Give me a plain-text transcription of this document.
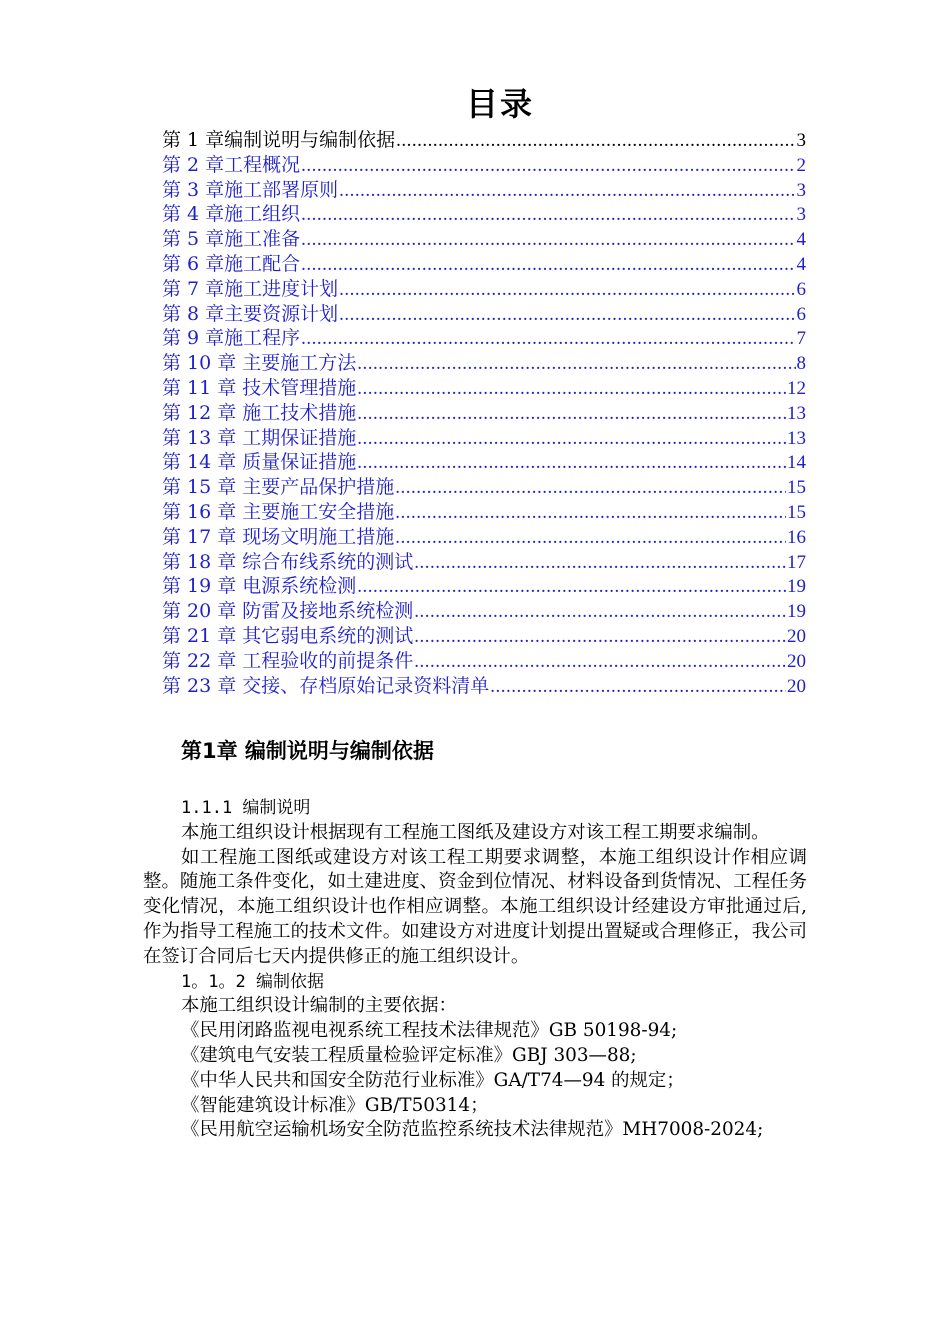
目录
第 1 章编制说明与编制依据 .....	3
第 2 章工程概况 .....	2
第 3 章施工部署原则 .....	3
第 4 章施工组织 .....	3
第 5 章施工准备 .....	4
第 6 章施工配合 .....	4
第 7 章施工进度计划 .....	6
第 8 章主要资源计划 .....	6
第 9 章施工程序 .....	7
第 10 章 主要施工方法 .....	8
第 11 章 技术管理措施 .....	12
第 12 章 施工技术措施 .....	13
第 13 章 工期保证措施 .....	13
第 14 章 质量保证措施 .....	14
第 15 章 主要产品保护措施 .....	15
第 16 章 主要施工安全措施 .....	15
第 17 章 现场文明施工措施 .....	16
第 18 章 综合布线系统的测试 .....	17
第 19 章 电源系统检测 .....	19
第 20 章 防雷及接地系统检测 .....	19
第 21 章 其它弱电系统的测试 .....	20
第 22 章 工程验收的前提条件 .....	20
第 23 章 交接、存档原始记录资料清单 .....	20
第1章 编制说明与编制依据

1.1.1 编制说明

本施工组织设计根据现有工程施工图纸及建设方对该工程工期要求编制。

如工程施工图纸或建设方对该工程工期要求调整，本施工组织设计作相应调整。随施工条件变化，如土建进度、资金到位情况、材料设备到货情况、工程任务变化情况，本施工组织设计也作相应调整。本施工组织设计经建设方审批通过后,作为指导工程施工的技术文件。如建设方对进度计划提出置疑或合理修正，我公司在签订合同后七天内提供修正的施工组织设计。

1。1。2 编制依据

本施工组织设计编制的主要依据：

《民用闭路监视电视系统工程技术法律规范》GB 50198-94;

《建筑电气安装工程质量检验评定标准》GBJ 303—88;

《中华人民共和国安全防范行业标准》GA/T74—94 的规定；

《智能建筑设计标准》GB/T50314；

《民用航空运输机场安全防范监控系统技术法律规范》MH7008-2024;
